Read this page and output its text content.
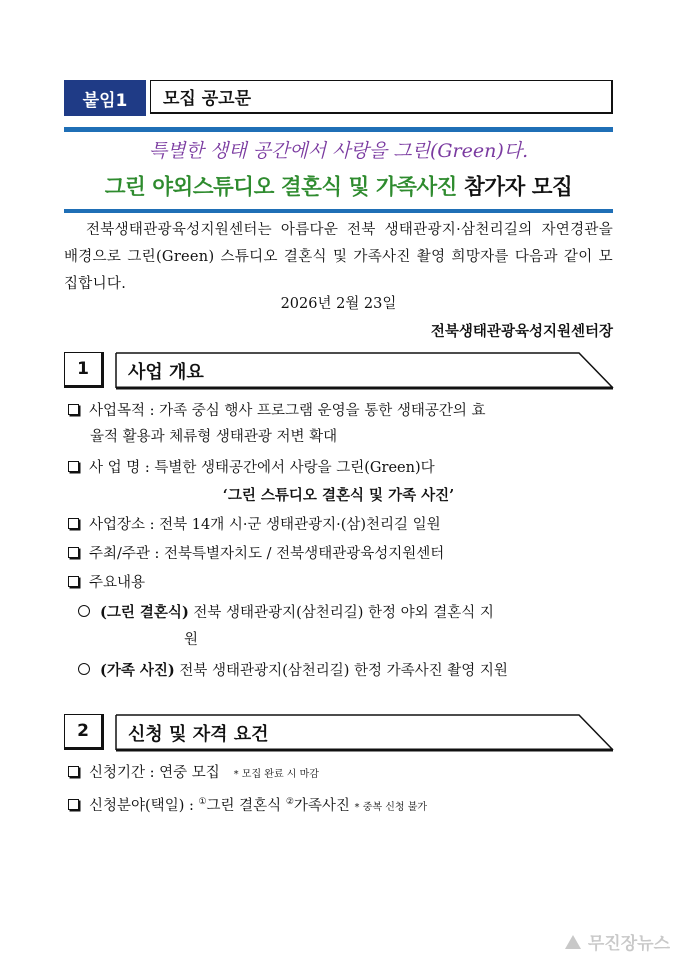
붙임1	모집 공고문
특별한 생태 공간에서 사랑을 그린(Green)다.
그린 야외스튜디오 결혼식 및 가족사진 참가자 모집
전북생태관광육성지원센터는 아름다운 전북 생태관광지·삼천리길의 자연경관을 배경으로 그린(Green) 스튜디오 결혼식 및 가족사진 촬영 희망자를 다음과 같이 모집합니다.
2026년 2월 23일
전북생태관광육성지원센터장
1	사업 개요
사업목적 : 가족 중심 행사 프로그램 운영을 통한 생태공간의 효
율적 활용과 체류형 생태관광 저변 확대
사 업 명 : 특별한 생태공간에서 사랑을 그린(Green)다
‘그린 스튜디오 결혼식 및 가족 사진’
사업장소 : 전북 14개 시·군 생태관광지·(삼)천리길 일원
주최/주관 : 전북특별자치도 / 전북생태관광육성지원센터
주요내용
(그린 결혼식) 전북 생태관광지(삼천리길) 한정 야외 결혼식 지
원
(가족 사진) 전북 생태관광지(삼천리길) 한정 가족사진 촬영 지원
2	신청 및 자격 요건
신청기간 : 연중 모집 * 모집 완료 시 마감
신청분야(택일) : ①그린 결혼식 ②가족사진 * 중복 신청 불가
무진장뉴스
